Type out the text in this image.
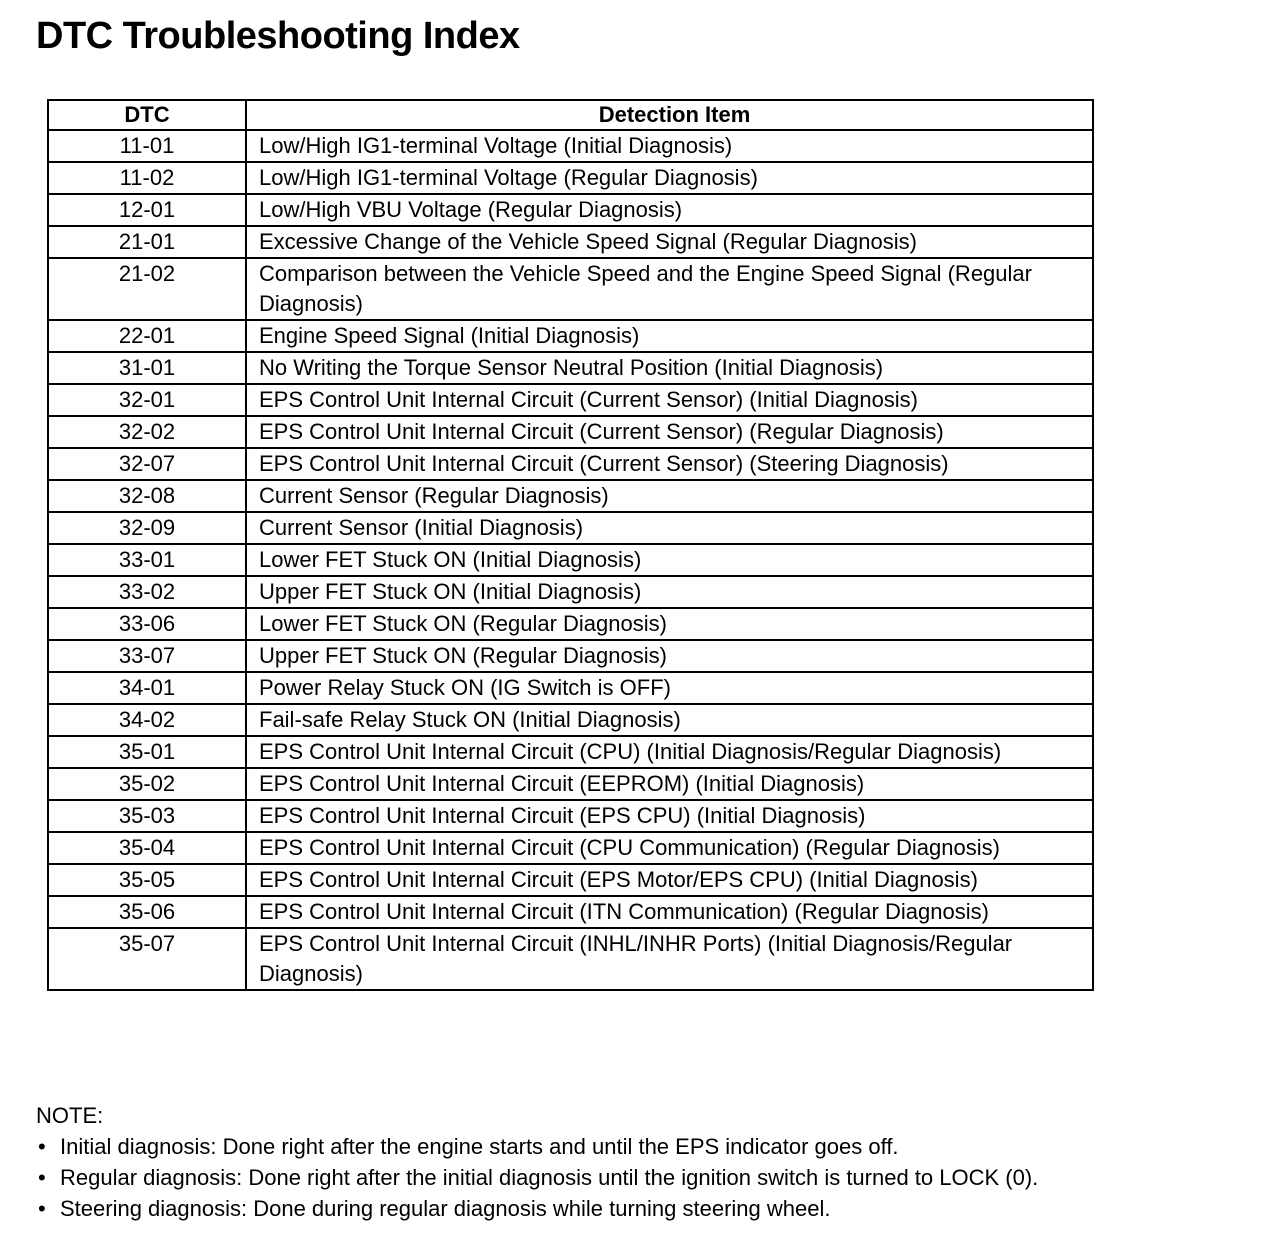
DTC Troubleshooting Index
DTC	Detection Item
11-01	Low/High IG1-terminal Voltage (Initial Diagnosis)
11-02	Low/High IG1-terminal Voltage (Regular Diagnosis)
12-01	Low/High VBU Voltage (Regular Diagnosis)
21-01	Excessive Change of the Vehicle Speed Signal (Regular Diagnosis)
21-02	Comparison between the Vehicle Speed and the Engine Speed Signal (Regular Diagnosis)
22-01	Engine Speed Signal (Initial Diagnosis)
31-01	No Writing the Torque Sensor Neutral Position (Initial Diagnosis)
32-01	EPS Control Unit Internal Circuit (Current Sensor) (Initial Diagnosis)
32-02	EPS Control Unit Internal Circuit (Current Sensor) (Regular Diagnosis)
32-07	EPS Control Unit Internal Circuit (Current Sensor) (Steering Diagnosis)
32-08	Current Sensor (Regular Diagnosis)
32-09	Current Sensor (Initial Diagnosis)
33-01	Lower FET Stuck ON (Initial Diagnosis)
33-02	Upper FET Stuck ON (Initial Diagnosis)
33-06	Lower FET Stuck ON (Regular Diagnosis)
33-07	Upper FET Stuck ON (Regular Diagnosis)
34-01	Power Relay Stuck ON (IG Switch is OFF)
34-02	Fail-safe Relay Stuck ON (Initial Diagnosis)
35-01	EPS Control Unit Internal Circuit (CPU) (Initial Diagnosis/Regular Diagnosis)
35-02	EPS Control Unit Internal Circuit (EEPROM) (Initial Diagnosis)
35-03	EPS Control Unit Internal Circuit (EPS CPU) (Initial Diagnosis)
35-04	EPS Control Unit Internal Circuit (CPU Communication) (Regular Diagnosis)
35-05	EPS Control Unit Internal Circuit (EPS Motor/EPS CPU) (Initial Diagnosis)
35-06	EPS Control Unit Internal Circuit (ITN Communication) (Regular Diagnosis)
35-07	EPS Control Unit Internal Circuit (INHL/INHR Ports) (Initial Diagnosis/Regular Diagnosis)

NOTE:

• Initial diagnosis: Done right after the engine starts and until the EPS indicator goes off.
• Regular diagnosis: Done right after the initial diagnosis until the ignition switch is turned to LOCK (0).
• Steering diagnosis: Done during regular diagnosis while turning steering wheel.
